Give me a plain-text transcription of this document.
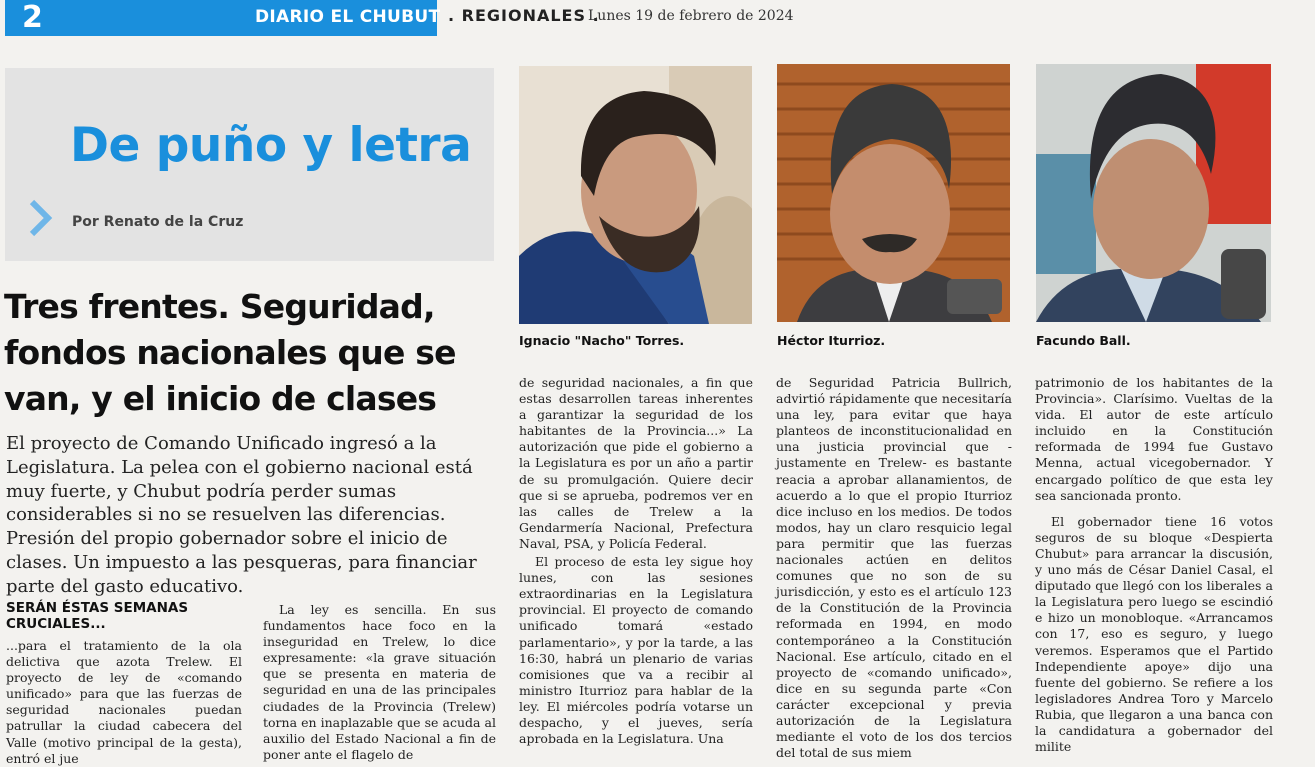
2	DIARIO EL CHUBUT . REGIONALES .
Lunes 19 de febrero de 2024
De puño y letra
Por Renato de la Cruz
Tres frentes. Seguridad, fondos nacionales que se van, y el inicio de clases
El proyecto de Comando Unificado ingresó a la Legislatura. La pelea con el gobierno nacional está muy fuerte, y Chubut podría perder sumas considerables si no se resuelven las diferencias. Presión del propio gobernador sobre el inicio de clases. Un impuesto a las pesqueras, para financiar parte del gasto educativo.
SERÁN ÉSTAS SEMANAS CRUCIALES...

...para el tratamiento de la ola delictiva que azota Trelew. El proyecto de ley de «comando unificado» para que las fuerzas de seguridad nacionales puedan patrullar la ciudad cabecera del Valle (motivo principal de la gesta), entró el jue

La ley es sencilla. En sus fundamentos hace foco en la inseguridad en Trelew, lo dice expresamente: «la grave situación que se presenta en materia de seguridad en una de las principales ciudades de la Provincia (Trelew) torna en inaplazable que se acuda al auxilio del Estado Nacional a fin de poner ante el flagelo de

de seguridad nacionales, a fin que estas desarrollen tareas inherentes a garantizar la seguridad de los habitantes de la Provincia...» La autorización que pide el gobierno a la Legislatura es por un año a partir de su promulgación. Quiere decir que si se aprueba, podremos ver en las calles de Trelew a la Gendarmería Nacional, Prefectura Naval, PSA, y Policía Federal.

El proceso de esta ley sigue hoy lunes, con las sesiones extraordinarias en la Legislatura provincial. El proyecto de comando unificado tomará «estado parlamentario», y por la tarde, a las 16:30, habrá un plenario de varias comisiones que va a recibir al ministro Iturrioz para hablar de la ley. El miércoles podría votarse un despacho, y el jueves, sería aprobada en la Legislatura. Una

de Seguridad Patricia Bullrich, advirtió rápidamente que necesitaría una ley, para evitar que haya planteos de inconstitucionalidad en una justicia provincial que -justamente en Trelew- es bastante reacia a aprobar allanamientos, de acuerdo a lo que el propio Iturrioz dice incluso en los medios. De todos modos, hay un claro resquicio legal para permitir que las fuerzas nacionales actúen en delitos comunes que no son de su jurisdicción, y esto es el artículo 123 de la Constitución de la Provincia reformada en 1994, en modo contemporáneo a la Constitución Nacional. Ese artículo, citado en el proyecto de «comando unificado», dice en su segunda parte «Con carácter excepcional y previa autorización de la Legislatura mediante el voto de los dos tercios del total de sus miem

patrimonio de los habitantes de la Provincia». Clarísimo. Vueltas de la vida. El autor de este artículo incluido en la Constitución reformada de 1994 fue Gustavo Menna, actual vicegobernador. Y encargado político de que esta ley sea sancionada pronto.

El gobernador tiene 16 votos seguros de su bloque «Despierta Chubut» para arrancar la discusión, y uno más de César Daniel Casal, el diputado que llegó con los liberales a la Legislatura pero luego se escindió e hizo un monobloque. «Arrancamos con 17, eso es seguro, y luego veremos. Esperamos que el Partido Independiente apoye» dijo una fuente del gobierno. Se refiere a los legisladores Andrea Toro y Marcelo Rubia, que llegaron a una banca con la candidatura a gobernador del milite

Ignacio "Nacho" Torres.	Héctor Iturrioz.	Facundo Ball.
